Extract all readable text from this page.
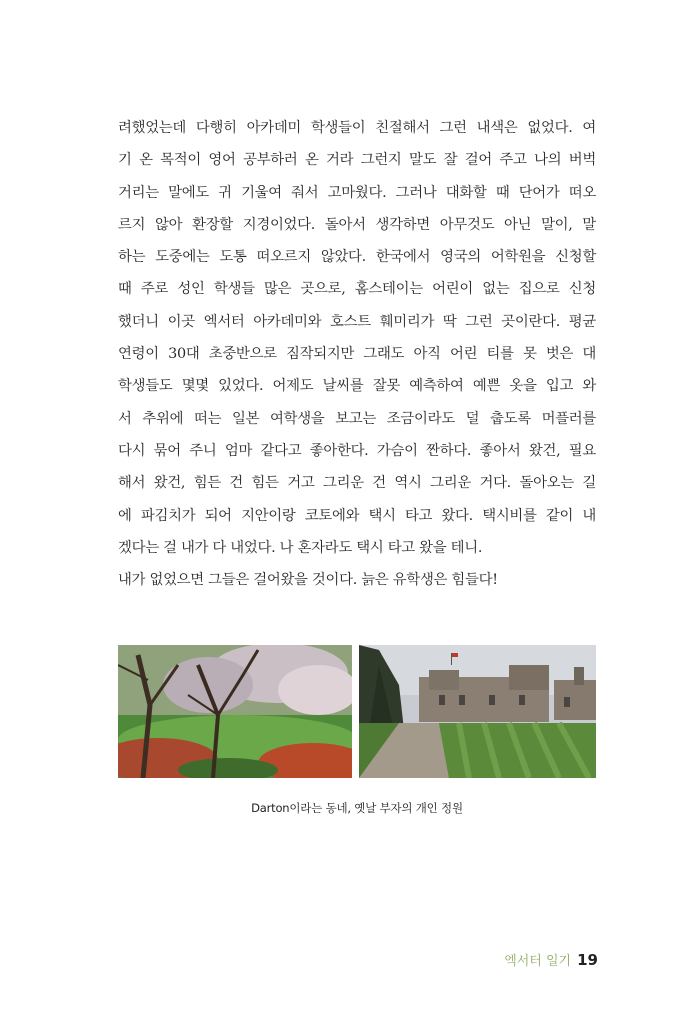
려했었는데 다행히 아카데미 학생들이 친절해서 그런 내색은 없었다. 여
기 온 목적이 영어 공부하러 온 거라 그런지 말도 잘 걸어 주고 나의 버벅
거리는 말에도 귀 기울여 줘서 고마웠다. 그러나 대화할 때 단어가 떠오
르지 않아 환장할 지경이었다. 돌아서 생각하면 아무것도 아닌 말이, 말
하는 도중에는 도통 떠오르지 않았다. 한국에서 영국의 어학원을 신청할
때 주로 성인 학생들 많은 곳으로, 홈스테이는 어린이 없는 집으로 신청
했더니 이곳 엑서터 아카데미와 호스트 훼미리가 딱 그런 곳이란다. 평균
연령이 30대 초중반으로 짐작되지만 그래도 아직 어린 티를 못 벗은 대
학생들도 몇몇 있었다. 어제도 날씨를 잘못 예측하여 예쁜 옷을 입고 와
서 추위에 떠는 일본 여학생을 보고는 조금이라도 덜 춥도록 머플러를
다시 묶어 주니 엄마 같다고 좋아한다. 가슴이 짠하다. 좋아서 왔건, 필요
해서 왔건, 힘든 건 힘든 거고 그리운 건 역시 그리운 거다. 돌아오는 길
에 파김치가 되어 지안이랑 코토에와 택시 타고 왔다. 택시비를 같이 내
겠다는 걸 내가 다 내었다. 나 혼자라도 택시 타고 왔을 테니.
내가 없었으면 그들은 걸어왔을 것이다. 늙은 유학생은 힘들다!
Darton이라는 동네, 옛날 부자의 개인 정원
엑서터 일기 19
